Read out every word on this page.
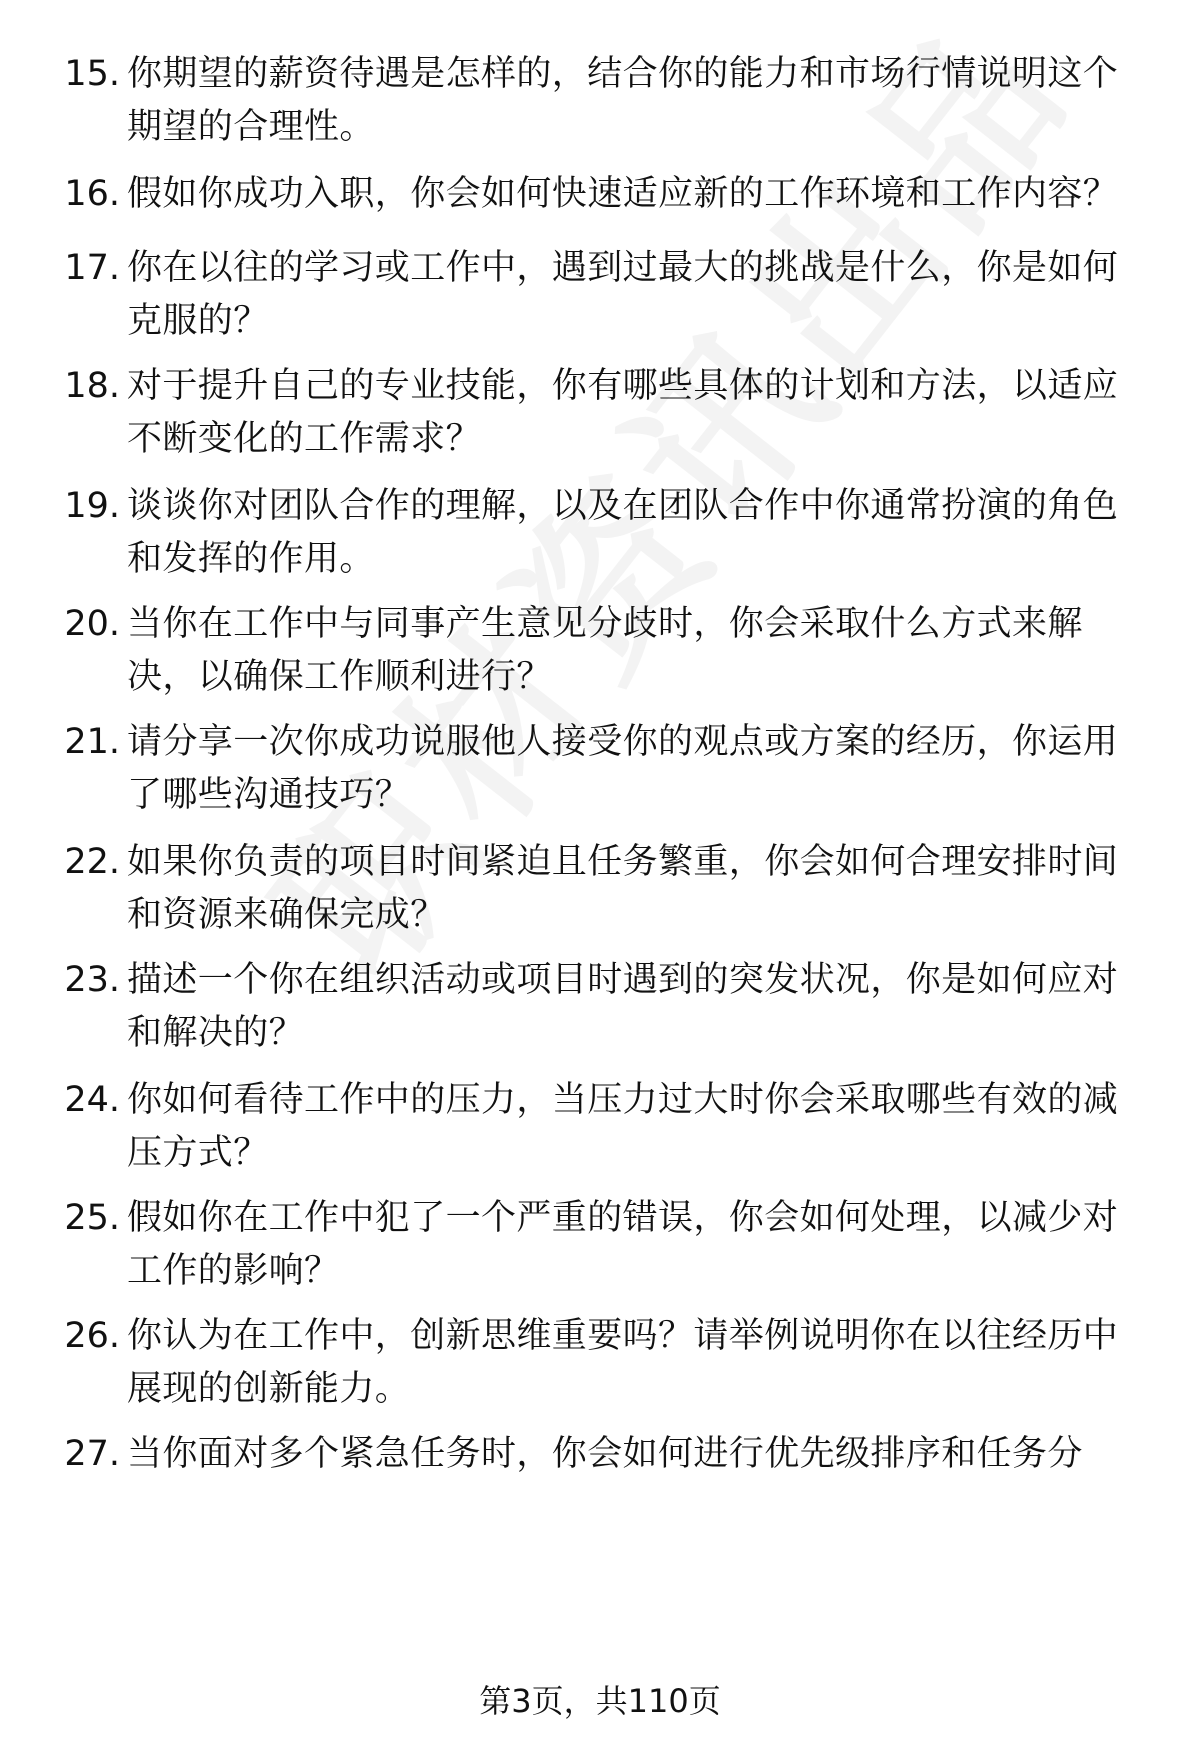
15. 你期望的薪资待遇是怎样的，结合你的能力和市场行情说明这个
期望的合理性。
16. 假如你成功入职，你会如何快速适应新的工作环境和工作内容？
17. 你在以往的学习或工作中，遇到过最大的挑战是什么，你是如何
克服的？
18. 对于提升自己的专业技能，你有哪些具体的计划和方法，以适应
不断变化的工作需求？
19. 谈谈你对团队合作的理解，以及在团队合作中你通常扮演的角色
和发挥的作用。
20. 当你在工作中与同事产生意见分歧时，你会采取什么方式来解
决，以确保工作顺利进行？
21. 请分享一次你成功说服他人接受你的观点或方案的经历，你运用
了哪些沟通技巧？
22. 如果你负责的项目时间紧迫且任务繁重，你会如何合理安排时间
和资源来确保完成？
23. 描述一个你在组织活动或项目时遇到的突发状况，你是如何应对
和解决的？
24. 你如何看待工作中的压力，当压力过大时你会采取哪些有效的减
压方式？
25. 假如你在工作中犯了一个严重的错误，你会如何处理，以减少对
工作的影响？
26. 你认为在工作中，创新思维重要吗？请举例说明你在以往经历中
展现的创新能力。
27. 当你面对多个紧急任务时，你会如何进行优先级排序和任务分
第3页，共110页
